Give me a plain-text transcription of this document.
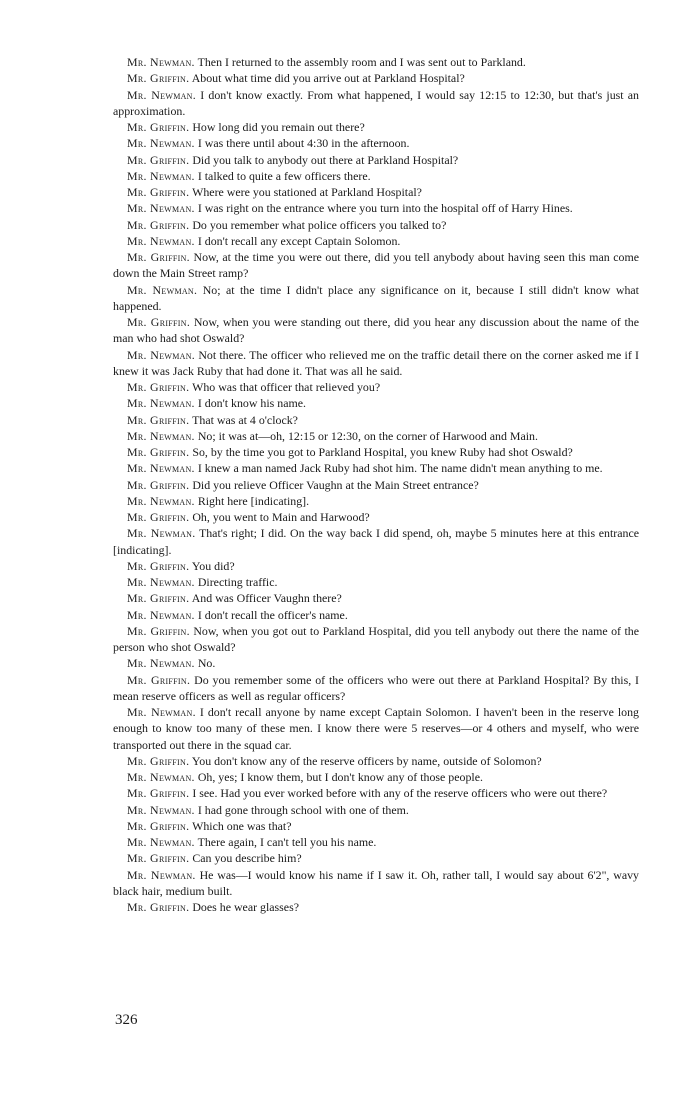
Mr. Newman. Then I returned to the assembly room and I was sent out to Parkland.

Mr. Griffin. About what time did you arrive out at Parkland Hospital?

Mr. Newman. I don't know exactly. From what happened, I would say 12:15 to 12:30, but that's just an approximation.

Mr. Griffin. How long did you remain out there?

Mr. Newman. I was there until about 4:30 in the afternoon.

Mr. Griffin. Did you talk to anybody out there at Parkland Hospital?

Mr. Newman. I talked to quite a few officers there.

Mr. Griffin. Where were you stationed at Parkland Hospital?

Mr. Newman. I was right on the entrance where you turn into the hospital off of Harry Hines.

Mr. Griffin. Do you remember what police officers you talked to?

Mr. Newman. I don't recall any except Captain Solomon.

Mr. Griffin. Now, at the time you were out there, did you tell anybody about having seen this man come down the Main Street ramp?

Mr. Newman. No; at the time I didn't place any significance on it, because I still didn't know what happened.

Mr. Griffin. Now, when you were standing out there, did you hear any discussion about the name of the man who had shot Oswald?

Mr. Newman. Not there. The officer who relieved me on the traffic detail there on the corner asked me if I knew it was Jack Ruby that had done it. That was all he said.

Mr. Griffin. Who was that officer that relieved you?

Mr. Newman. I don't know his name.

Mr. Griffin. That was at 4 o'clock?

Mr. Newman. No; it was at—oh, 12:15 or 12:30, on the corner of Harwood and Main.

Mr. Griffin. So, by the time you got to Parkland Hospital, you knew Ruby had shot Oswald?

Mr. Newman. I knew a man named Jack Ruby had shot him. The name didn't mean anything to me.

Mr. Griffin. Did you relieve Officer Vaughn at the Main Street entrance?

Mr. Newman. Right here [indicating].

Mr. Griffin. Oh, you went to Main and Harwood?

Mr. Newman. That's right; I did. On the way back I did spend, oh, maybe 5 minutes here at this entrance [indicating].

Mr. Griffin. You did?

Mr. Newman. Directing traffic.

Mr. Griffin. And was Officer Vaughn there?

Mr. Newman. I don't recall the officer's name.

Mr. Griffin. Now, when you got out to Parkland Hospital, did you tell anybody out there the name of the person who shot Oswald?

Mr. Newman. No.

Mr. Griffin. Do you remember some of the officers who were out there at Parkland Hospital? By this, I mean reserve officers as well as regular officers?

Mr. Newman. I don't recall anyone by name except Captain Solomon. I haven't been in the reserve long enough to know too many of these men. I know there were 5 reserves—or 4 others and myself, who were transported out there in the squad car.

Mr. Griffin. You don't know any of the reserve officers by name, outside of Solomon?

Mr. Newman. Oh, yes; I know them, but I don't know any of those people.

Mr. Griffin. I see. Had you ever worked before with any of the reserve officers who were out there?

Mr. Newman. I had gone through school with one of them.

Mr. Griffin. Which one was that?

Mr. Newman. There again, I can't tell you his name.

Mr. Griffin. Can you describe him?

Mr. Newman. He was—I would know his name if I saw it. Oh, rather tall, I would say about 6'2", wavy black hair, medium built.

Mr. Griffin. Does he wear glasses?

326
